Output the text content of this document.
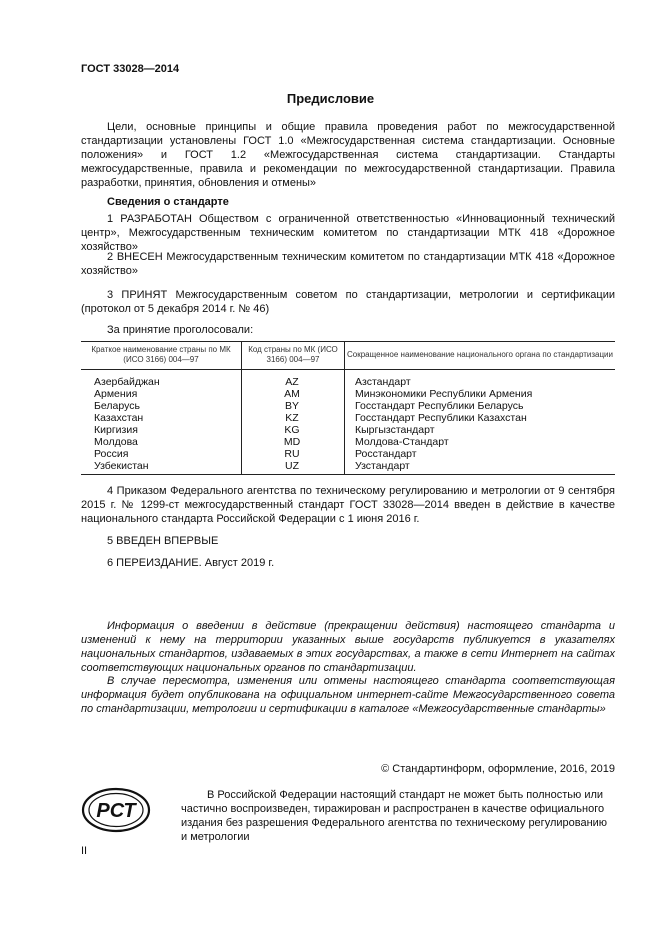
ГОСТ 33028—2014
Предисловие
Цели, основные принципы и общие правила проведения работ по межгосударственной стандартизации установлены ГОСТ 1.0 «Межгосударственная система стандартизации. Основные положения» и ГОСТ 1.2 «Межгосударственная система стандартизации. Стандарты межгосударственные, правила и рекомендации по межгосударственной стандартизации. Правила разработки, принятия, обновления и отмены»
Сведения о стандарте
1 РАЗРАБОТАН Обществом с ограниченной ответственностью «Инновационный технический центр», Межгосударственным техническим комитетом по стандартизации МТК 418 «Дорожное хозяйство»
2 ВНЕСЕН Межгосударственным техническим комитетом по стандартизации МТК 418 «Дорожное хозяйство»
3 ПРИНЯТ Межгосударственным советом по стандартизации, метрологии и сертификации (протокол от 5 декабря 2014 г. № 46)
За принятие проголосовали:
Краткое наименование страны по МК (ИСО 3166) 004—97	Код страны по МК (ИСО 3166) 004—97	Сокращенное наименование национального органа по стандартизации
Азербайджан	AZ	Азстандарт
Армения	AM	Минэкономики Республики Армения
Беларусь	BY	Госстандарт Республики Беларусь
Казахстан	KZ	Госстандарт Республики Казахстан
Киргизия	KG	Кыргызстандарт
Молдова	MD	Молдова-Стандарт
Россия	RU	Росстандарт
Узбекистан	UZ	Узстандарт
4 Приказом Федерального агентства по техническому регулированию и метрологии от 9 сентября 2015 г. № 1299-ст межгосударственный стандарт ГОСТ 33028—2014 введен в действие в качестве национального стандарта Российской Федерации с 1 июня 2016 г.
5 ВВЕДЕН ВПЕРВЫЕ
6 ПЕРЕИЗДАНИЕ. Август 2019 г.
Информация о введении в действие (прекращении действия) настоящего стандарта и изменений к нему на территории указанных выше государств публикуется в указателях национальных стандартов, издаваемых в этих государствах, а также в сети Интернет на сайтах соответствующих национальных органов по стандартизации.
В случае пересмотра, изменения или отмены настоящего стандарта соответствующая информация будет опубликована на официальном интернет-сайте Межгосударственного совета по стандартизации, метрологии и сертификации в каталоге «Межгосударственные стандарты»
© Стандартинформ, оформление, 2016, 2019
РСТ
В Российской Федерации настоящий стандарт не может быть полностью или частично воспроизведен, тиражирован и распространен в качестве официального издания без разрешения Федерального агентства по техническому регулированию и метрологии
II
